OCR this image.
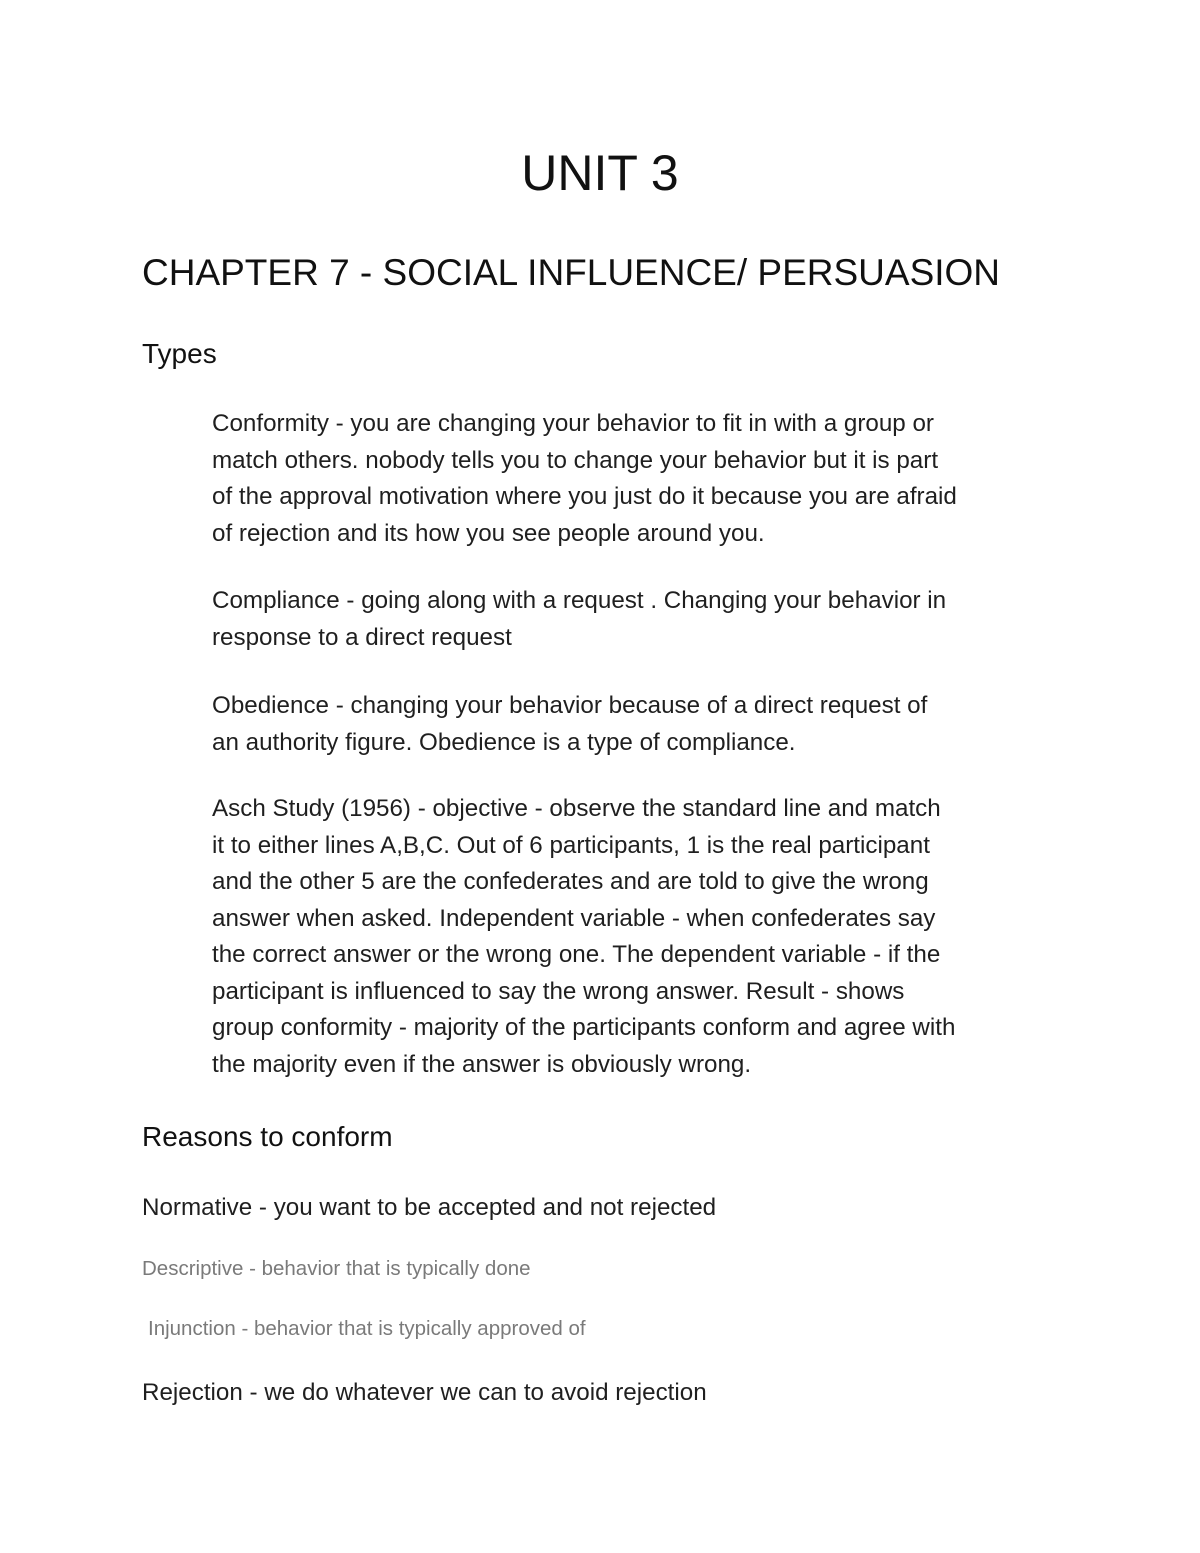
UNIT 3
CHAPTER 7 - SOCIAL INFLUENCE/ PERSUASION
Types
Conformity - you are changing your behavior to fit in with a group or
match others. nobody tells you to change your behavior but it is part
of the approval motivation where you just do it because you are afraid
of rejection and its how you see people around you.
Compliance - going along with a request . Changing your behavior in
response to a direct request
Obedience - changing your behavior because of a direct request of
an authority figure. Obedience is a type of compliance.
Asch Study (1956) - objective - observe the standard line and match
it to either lines A,B,C. Out of 6 participants, 1 is the real participant
and the other 5 are the confederates and are told to give the wrong
answer when asked. Independent variable - when confederates say
the correct answer or the wrong one. The dependent variable - if the
participant is influenced to say the wrong answer. Result - shows
group conformity - majority of the participants conform and agree with
the majority even if the answer is obviously wrong.
Reasons to conform

Normative - you want to be accepted and not rejected

Descriptive - behavior that is typically done

Injunction - behavior that is typically approved of

Rejection - we do whatever we can to avoid rejection
